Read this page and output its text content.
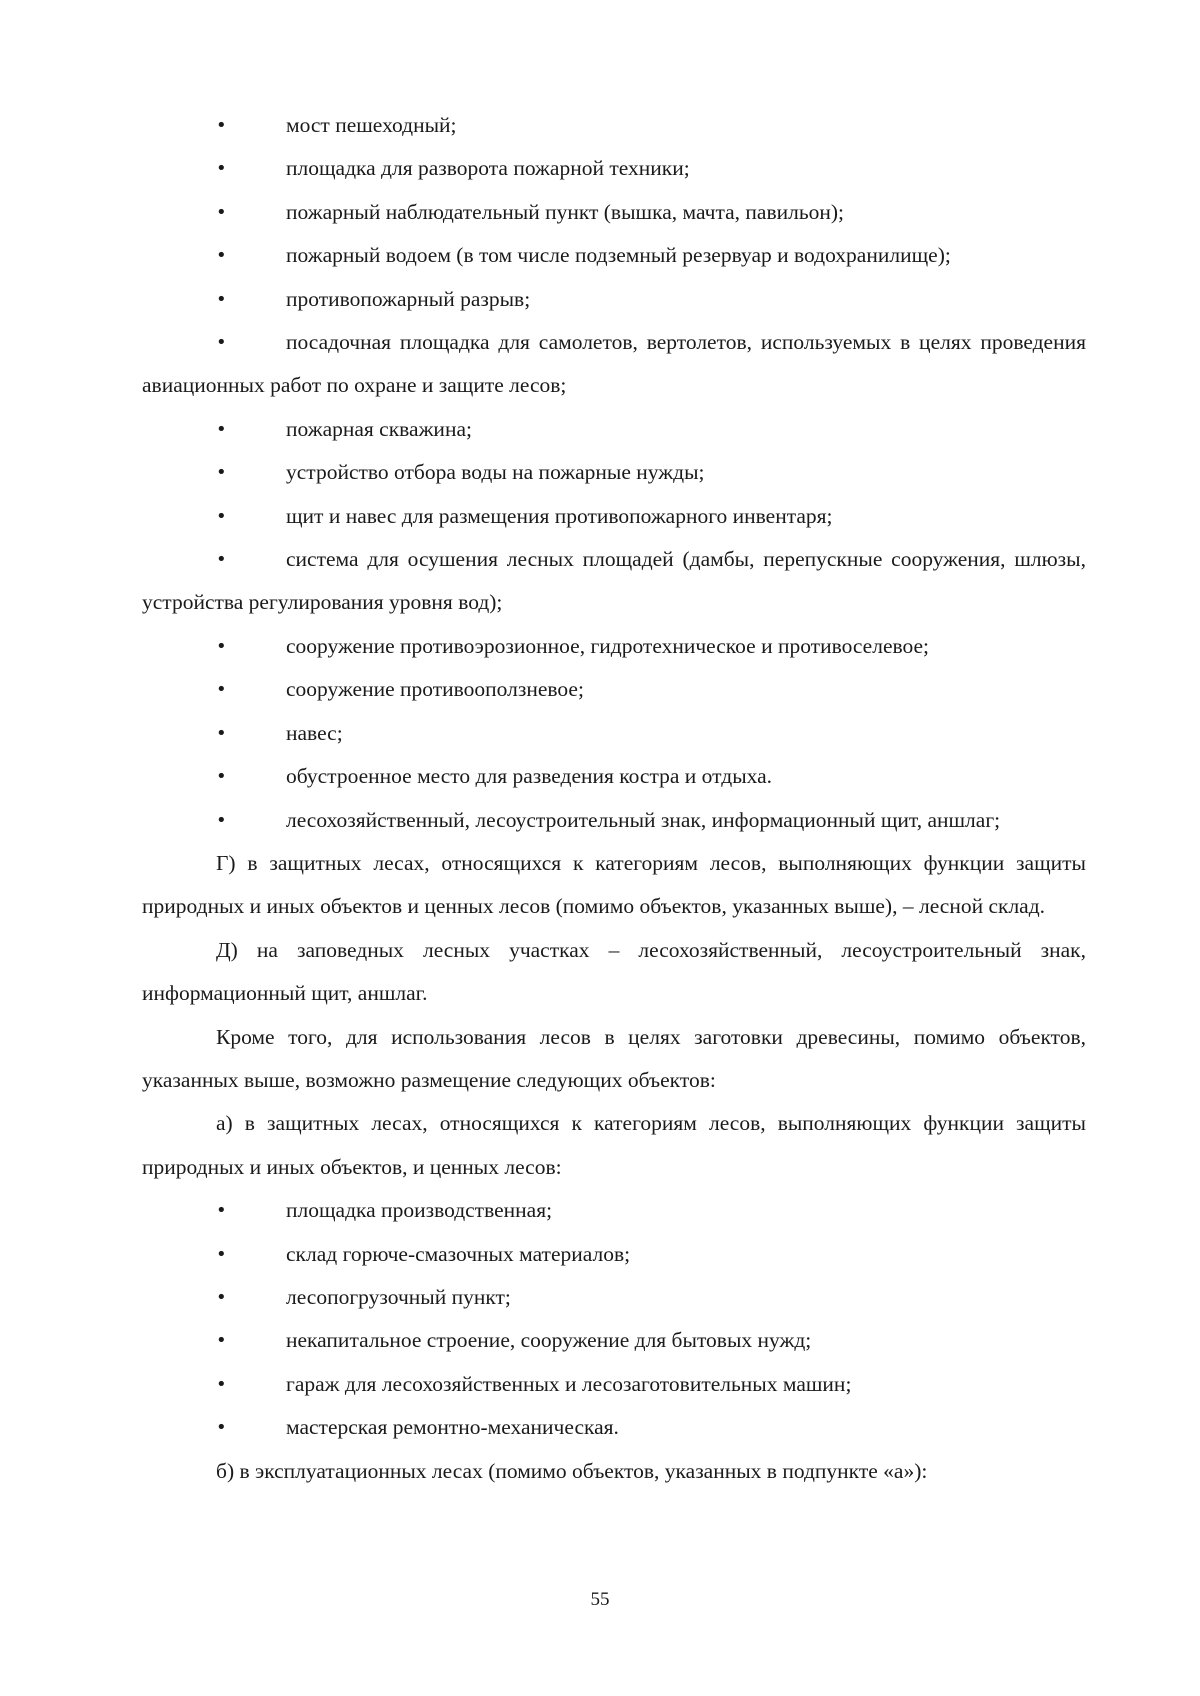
•	мост пешеходный;

•	площадка для разворота пожарной техники;

•	пожарный наблюдательный пункт (вышка, мачта, павильон);

•	пожарный водоем (в том числе подземный резервуар и водохранилище);

•	противопожарный разрыв;

•	посадочная площадка для самолетов, вертолетов, используемых в целях проведения авиационных работ по охране и защите лесов;

•	пожарная скважина;

•	устройство отбора воды на пожарные нужды;

•	щит и навес для размещения противопожарного инвентаря;

•	система для осушения лесных площадей (дамбы, перепускные сооружения, шлюзы, устройства регулирования уровня вод);

•	сооружение противоэрозионное, гидротехническое и противоселевое;

•	сооружение противооползневое;

•	навес;

•	обустроенное место для разведения костра и отдыха.

•	лесохозяйственный, лесоустроительный знак, информационный щит, аншлаг;

Г) в защитных лесах, относящихся к категориям лесов, выполняющих функции защиты природных и иных объектов и ценных лесов (помимо объектов, указанных выше), – лесной склад.

Д) на заповедных лесных участках – лесохозяйственный, лесоустроительный знак, информационный щит, аншлаг.

Кроме того, для использования лесов в целях заготовки древесины, помимо объектов, указанных выше, возможно размещение следующих объектов:

а) в защитных лесах, относящихся к категориям лесов, выполняющих функции защиты природных и иных объектов, и ценных лесов:

•	площадка производственная;

•	склад горюче-смазочных материалов;

•	лесопогрузочный пункт;

•	некапитальное строение, сооружение для бытовых нужд;

•	гараж для лесохозяйственных и лесозаготовительных машин;

•	мастерская ремонтно-механическая.

б) в эксплуатационных лесах (помимо объектов, указанных в подпункте «а»):

55
